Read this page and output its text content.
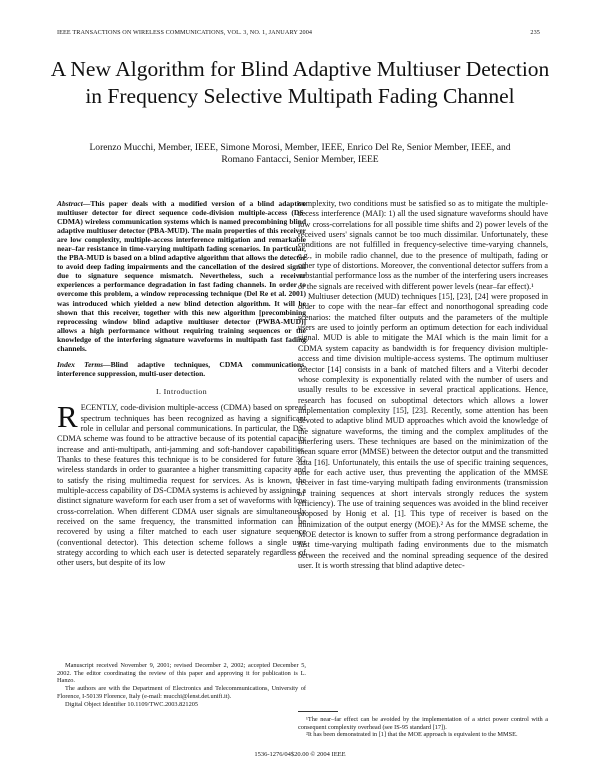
IEEE TRANSACTIONS ON WIRELESS COMMUNICATIONS, VOL. 3, NO. 1, JANUARY 2004	235
A New Algorithm for Blind Adaptive Multiuser Detection in Frequency Selective Multipath Fading Channel
Lorenzo Mucchi, Member, IEEE, Simone Morosi, Member, IEEE, Enrico Del Re, Senior Member, IEEE, and
Romano Fantacci, Senior Member, IEEE

Abstract—This paper deals with a modified version of a blind adaptive multiuser detector for direct sequence code-division multiple-access (DS-CDMA) wireless communication systems which is named precombining blind adaptive multiuser detector (PBA-MUD). The main properties of this receiver are low complexity, multiple-access interference mitigation and remarkable near–far resistance in time-varying multipath fading scenarios. In particular, the PBA-MUD is based on a blind adaptive algorithm that allows the detector to avoid deep fading impairments and the cancellation of the desired signal due to signature sequence mismatch. Nevertheless, such a receiver experiences a performance degradation in fast fading channels. In order to overcome this problem, a window reprocessing technique (Del Re et al. 2001) was introduced which yielded a new blind detection algorithm. It will be shown that this receiver, together with this new algorithm [precombining reprocessing window blind adaptive multiuser detector (PWBA-MUD)] allows a high performance without requiring training sequences or the knowledge of the interfering signature waveforms in multipath fast fading channels.

Index Terms—Blind adaptive techniques, CDMA communications, interference suppression, multi-user detection.

I. Introduction

RECENTLY, code-division multiple-access (CDMA) based on spread spectrum techniques has been recognized as having a significant role in cellular and personal communications. In particular, the DS-CDMA scheme was found to be attractive because of its potential capacity increase and anti-multipath, anti-jamming and soft-handover capabilities. Thanks to these features this technique is to be considered for future 3G wireless standards in order to guarantee a higher transmitting capacity and to satisfy the rising multimedia request for services. As is known, the multiple-access capability of DS-CDMA systems is achieved by assigning a distinct signature waveform for each user from a set of waveforms with low cross-correlation. When different CDMA user signals are simultaneously received on the same frequency, the transmitted information can be recovered by using a filter matched to each user signature sequence (conventional detector). This detection scheme follows a single user strategy according to which each user is detected separately regardless of other users, but despite of its low

Manuscript received November 9, 2001; revised December 2, 2002; accepted December 5, 2002. The editor coordinating the review of this paper and approving it for publication is L. Hanzo.

The authors are with the Department of Electronics and Telecommunications, University of Florence, I-50139 Florence, Italy (e-mail: mucchi@lenst.det.unifi.it).

Digital Object Identifier 10.1109/TWC.2003.821205

complexity, two conditions must be satisfied so as to mitigate the multiple-access interference (MAI): 1) all the used signature waveforms should have low cross-correlations for all possible time shifts and 2) power levels of the received users' signals cannot be too much dissimilar. Unfortunately, these conditions are not fulfilled in frequency-selective time-varying channels, e.g., in mobile radio channel, due to the presence of multipath, fading or other type of distortions. Moreover, the conventional detector suffers from a substantial performance loss as the number of the interfering users increases or the signals are received with different power levels (near–far effect).¹

Multiuser detection (MUD) techniques [15], [23], [24] were proposed in order to cope with the near–far effect and nonorthogonal spreading code scenarios: the matched filter outputs and the parameters of the multiple users are used to jointly perform an optimum detection for each individual signal. MUD is able to mitigate the MAI which is the main limit for a CDMA system capacity as bandwidth is for frequency division multiple-access and time division multiple-access systems. The optimum multiuser detector [14] consists in a bank of matched filters and a Viterbi decoder whose complexity is exponentially related with the number of users and usually results to be excessive in several practical applications. Hence, research has focused on suboptimal detectors which allows a lower implementation complexity [15], [23]. Recently, some attention has been devoted to adaptive blind MUD approaches which avoid the knowledge of the signature waveforms, the timing and the complex amplitudes of the interfering users. These techniques are based on the minimization of the mean square error (MMSE) between the detector output and the transmitted data [16]. Unfortunately, this entails the use of specific training sequences, one for each active user, thus preventing the application of the MMSE receiver in fast time-varying multipath fading environments (transmission of training sequences at short intervals strongly reduces the system efficiency). The use of training sequences was avoided in the blind receiver proposed by Honig et al. [1]. This type of receiver is based on the minimization of the output energy (MOE).² As for the MMSE scheme, the MOE detector is known to suffer from a strong performance degradation in fast time-varying multipath fading environments due to the mismatch between the received and the nominal spreading sequence of the desired user. It is worth stressing that blind adaptive detec-

¹The near–far effect can be avoided by the implementation of a strict power control with a consequent complexity overhead (see IS-95 standard [17]).

²It has been demonstrated in [1] that the MOE approach is equivalent to the MMSE.

1536-1276/04$20.00 © 2004 IEEE
